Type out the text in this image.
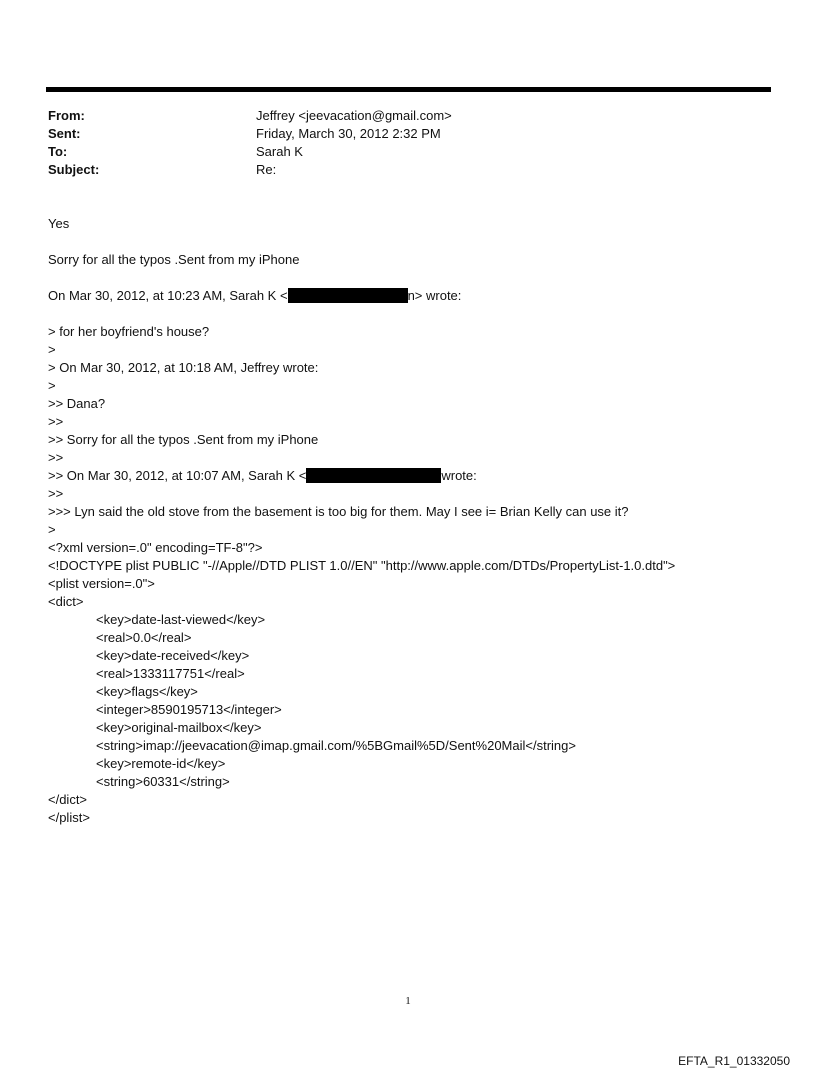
From:	Jeffrey <jeevacation@gmail.com>
Sent:	Friday, March 30, 2012 2:32 PM
To:	Sarah K
Subject:	Re:
Yes
Sorry for all the typos .Sent from my iPhone
On Mar 30, 2012, at 10:23 AM, Sarah K <	n> wrote:
> for her boyfriend's house?
>
> On Mar 30, 2012, at 10:18 AM, Jeffrey wrote:
>
>> Dana?
>>
>> Sorry for all the typos .Sent from my iPhone
>>
>> On Mar 30, 2012, at 10:07 AM, Sarah K <	wrote:
>>
>>> Lyn said the old stove from the basement is too big for them. May I see i= Brian Kelly can use it?
>
<?xml version=.0" encoding=TF-8"?>
<!DOCTYPE plist PUBLIC "-//Apple//DTD PLIST 1.0//EN" "http://www.apple.com/DTDs/PropertyList-1.0.dtd">
<plist version=.0">
<dict>
<key>date-last-viewed</key>
<real>0.0</real>
<key>date-received</key>
<real>1333117751</real>
<key>flags</key>
<integer>8590195713</integer>
<key>original-mailbox</key>
<string>imap://jeevacation@imap.gmail.com/%5BGmail%5D/Sent%20Mail</string>
<key>remote-id</key>
<string>60331</string>
</dict>
</plist>
1
EFTA_R1_01332050
